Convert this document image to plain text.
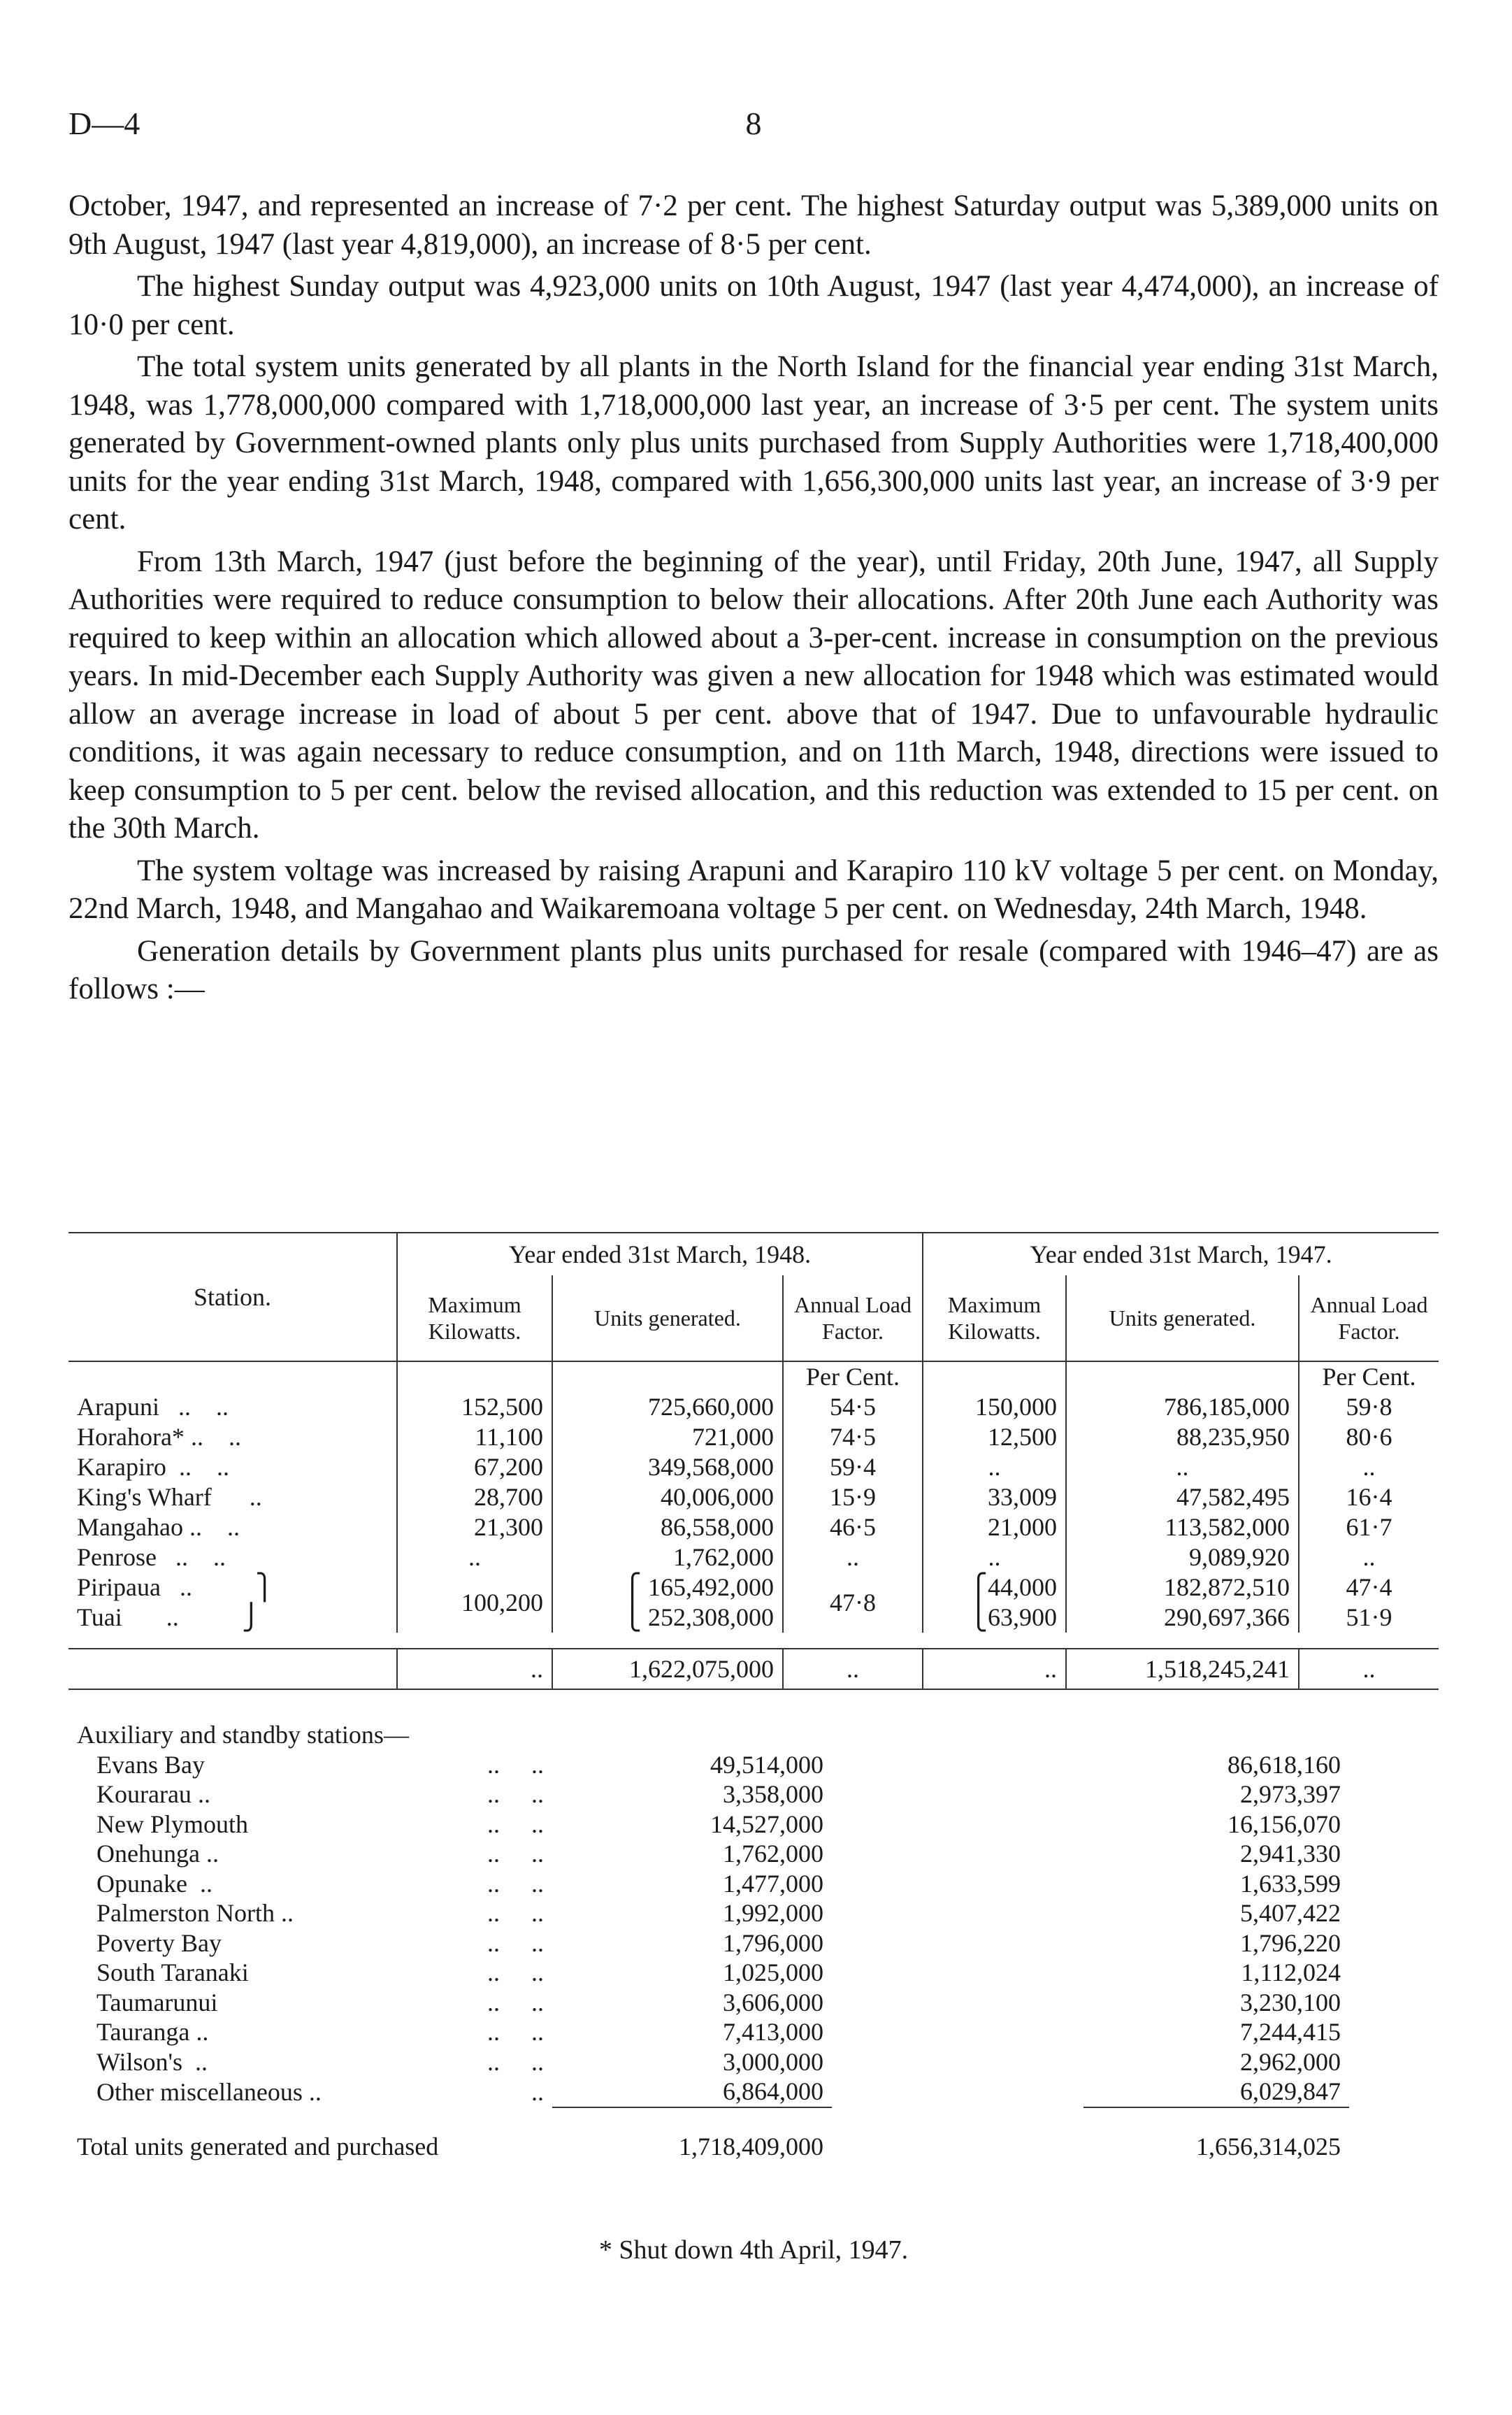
D—4	8

October, 1947, and represented an increase of 7·2 per cent. The highest Saturday output was 5,389,000 units on 9th August, 1947 (last year 4,819,000), an increase of 8·5 per cent.

The highest Sunday output was 4,923,000 units on 10th August, 1947 (last year 4,474,000), an increase of 10·0 per cent.

The total system units generated by all plants in the North Island for the financial year ending 31st March, 1948, was 1,778,000,000 compared with 1,718,000,000 last year, an increase of 3·5 per cent. The system units generated by Government-owned plants only plus units purchased from Supply Authorities were 1,718,400,000 units for the year ending 31st March, 1948, compared with 1,656,300,000 units last year, an increase of 3·9 per cent.

From 13th March, 1947 (just before the beginning of the year), until Friday, 20th June, 1947, all Supply Authorities were required to reduce consumption to below their allocations. After 20th June each Authority was required to keep within an allocation which allowed about a 3-per-cent. increase in consumption on the previous years. In mid-December each Supply Authority was given a new allocation for 1948 which was estimated would allow an average increase in load of about 5 per cent. above that of 1947. Due to unfavourable hydraulic conditions, it was again necessary to reduce consumption, and on 11th March, 1948, directions were issued to keep consumption to 5 per cent. below the revised allocation, and this reduction was extended to 15 per cent. on the 30th March.

The system voltage was increased by raising Arapuni and Karapiro 110 kV voltage 5 per cent. on Monday, 22nd March, 1948, and Mangahao and Waikaremoana voltage 5 per cent. on Wednesday, 24th March, 1948.

Generation details by Government plants plus units purchased for resale (compared with 1946–47) are as follows :—

Station.	Year ended 31st March, 1948.			Year ended 31st March, 1947.		
	Maximum Kilowatts.	Units generated.	Annual Load Factor.	Maximum Kilowatts.	Units generated.	Annual Load Factor.
			Per Cent.			Per Cent.
Arapuni   ..    ..	152,500	725,660,000	54·5	150,000	786,185,000	59·8
Horahora* ..    ..	11,100	721,000	74·5	12,500	88,235,950	80·6
Karapiro  ..    ..	67,200	349,568,000	59·4	..	..	..
King's Wharf      ..	28,700	40,006,000	15·9	33,009	47,582,495	16·4
Mangahao ..    ..	21,300	86,558,000	46·5	21,000	113,582,000	61·7
Penrose   ..    ..	..	1,762,000	..	..	9,089,920	..
Piripaua   ..          ⎫	100,200	⎧ 165,492,000	47·8	⎧44,000	182,872,510	47·4
Tuai       ..          ⎭		⎩ 252,308,000		⎩63,900	290,697,366	51·9

	..	1,622,075,000	..	..	1,518,245,241	..
Auxiliary and standby stations—				
Evans Bay ..     ..	49,514,000		86,618,160	
Kourarau .. ..     ..	3,358,000		2,973,397	
New Plymouth ..     ..	14,527,000		16,156,070	
Onehunga .. ..     ..	1,762,000		2,941,330	
Opunake  .. ..     ..	1,477,000		1,633,599	
Palmerston North .. ..     ..	1,992,000		5,407,422	
Poverty Bay ..     ..	1,796,000		1,796,220	
South Taranaki ..     ..	1,025,000		1,112,024	
Taumarunui ..     ..	3,606,000		3,230,100	
Tauranga .. ..     ..	7,413,000		7,244,415	
Wilson's  .. ..     ..	3,000,000		2,962,000	
Other miscellaneous .. ..	6,864,000		6,029,847	

Total units generated and purchased	1,718,409,000		1,656,314,025	
* Shut down 4th April, 1947.
